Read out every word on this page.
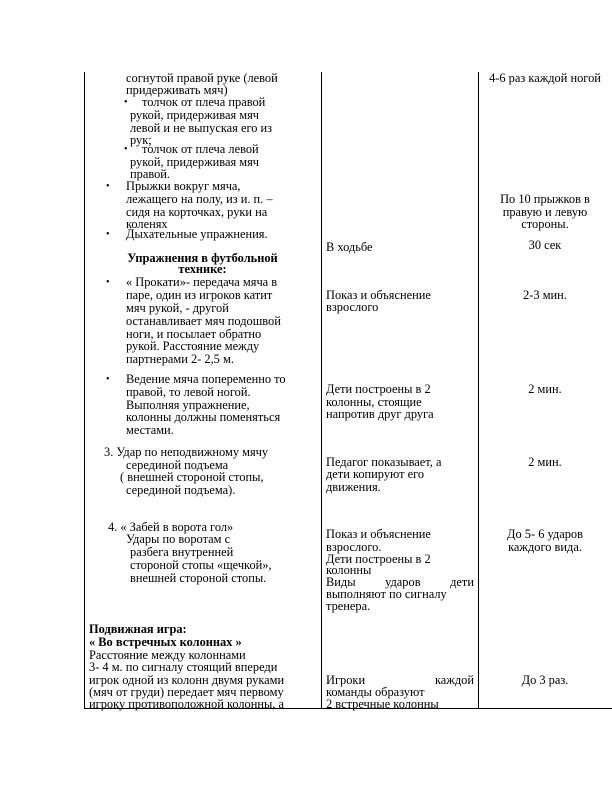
согнутой правой руке (левой
придерживать мяч)
• толчок от плеча правой
рукой, придерживая мяч
левой и не выпуская его из
рук;
• толчок от плеча левой
рукой, придерживая мяч
правой.
• Прыжки вокруг мяча,
лежащего на полу, из и. п. –
сидя на корточках, руки на
коленях
• Дыхательные упражнения.
Упражнения в футбольной
технике:
• « Прокати»- передача мяча в
паре, один из игроков катит
мяч рукой, - другой
останавливает мяч подошвой
ноги, и посылает обратно
рукой. Расстояние между
партнерами 2- 2,5 м.
• Ведение мяча попеременно то
правой, то левой ногой.
Выполняя упражнение,
колонны должны поменяться
местами.
3. Удар по неподвижному мячу
серединой подъема
( внешней стороной стопы,
серединой подъема).
4. « Забей в ворота гол»
Удары по воротам с
разбега внутренней
стороной стопы «щечкой»,
внешней стороной стопы.
Подвижная игра:
« Во встречных колоннах »
Расстояние между колоннами
3- 4 м. по сигналу стоящий впереди
игрок одной из колонн двумя руками
(мяч от груди) передает мяч первому
игроку противоположной колонны, а
В ходьбе
Показ и объяснение
взрослого
Дети построены в 2
колонны, стоящие
напротив друг друга
Педагог показывает, а
дети копируют его
движения.
Показ и объяснение
взрослого.
Дети построены в 2
колонны
Виды ударов дети
выполняют по сигналу
тренера.
Игроки	каждой
команды образуют
2 встречные колонны
4-6 раз каждой ногой
По 10 прыжков в
правую и левую
стороны.
30 сек
2-3 мин.
2 мин.
2 мин.
До 5- 6 ударов
каждого вида.
До 3 раз.
